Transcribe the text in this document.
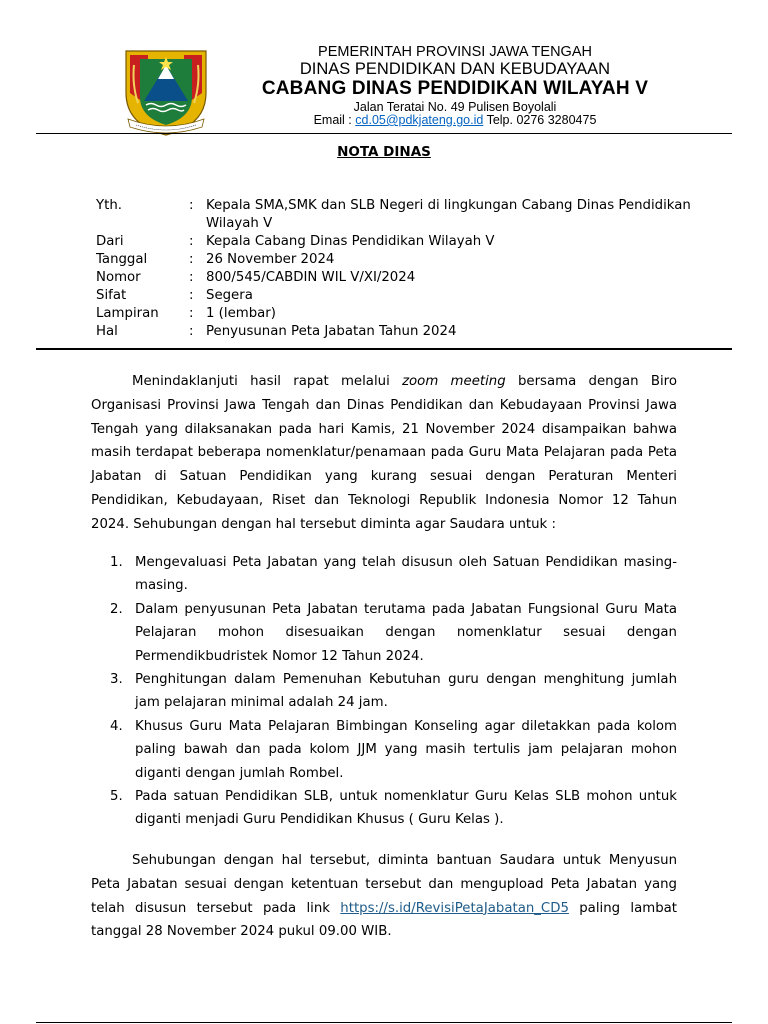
PEMERINTAH PROVINSI JAWA TENGAH
DINAS PENDIDIKAN DAN KEBUDAYAAN
CABANG DINAS PENDIDIKAN WILAYAH V
Jalan Teratai No. 49 Pulisen Boyolali
Email : cd.05@pdkjateng.go.id Telp. 0276 3280475
NOTA DINAS
Yth.	: Kepala SMA,SMK dan SLB Negeri di lingkungan Cabang Dinas Pendidikan Wilayah V
Dari	: Kepala Cabang Dinas Pendidikan Wilayah V
Tanggal	: 26 November 2024
Nomor	: 800/545/CABDIN WIL V/XI/2024
Sifat	: Segera
Lampiran	: 1 (lembar)
Hal	: Penyusunan Peta Jabatan Tahun 2024
Menindaklanjuti hasil rapat melalui zoom meeting bersama dengan Biro Organisasi Provinsi Jawa Tengah dan Dinas Pendidikan dan Kebudayaan Provinsi Jawa Tengah yang dilaksanakan pada hari Kamis, 21 November 2024 disampaikan bahwa masih terdapat beberapa nomenklatur/penamaan pada Guru Mata Pelajaran pada Peta Jabatan di Satuan Pendidikan yang kurang sesuai dengan Peraturan Menteri Pendidikan, Kebudayaan, Riset dan Teknologi Republik Indonesia Nomor 12 Tahun 2024. Sehubungan dengan hal tersebut diminta agar Saudara untuk :
1. Mengevaluasi Peta Jabatan yang telah disusun oleh Satuan Pendidikan masing-masing.
2. Dalam penyusunan Peta Jabatan terutama pada Jabatan Fungsional Guru Mata Pelajaran mohon disesuaikan dengan nomenklatur sesuai dengan Permendikbudristek Nomor 12 Tahun 2024.
3. Penghitungan dalam Pemenuhan Kebutuhan guru dengan menghitung jumlah jam pelajaran minimal adalah 24 jam.
4. Khusus Guru Mata Pelajaran Bimbingan Konseling agar diletakkan pada kolom paling bawah dan pada kolom JJM yang masih tertulis jam pelajaran mohon diganti dengan jumlah Rombel.
5. Pada satuan Pendidikan SLB, untuk nomenklatur Guru Kelas SLB mohon untuk diganti menjadi Guru Pendidikan Khusus ( Guru Kelas ).
Sehubungan dengan hal tersebut, diminta bantuan Saudara untuk Menyusun Peta Jabatan sesuai dengan ketentuan tersebut dan mengupload Peta Jabatan yang telah disusun tersebut pada link https://s.id/RevisiPetaJabatan_CD5 paling lambat tanggal 28 November 2024 pukul 09.00 WIB.
